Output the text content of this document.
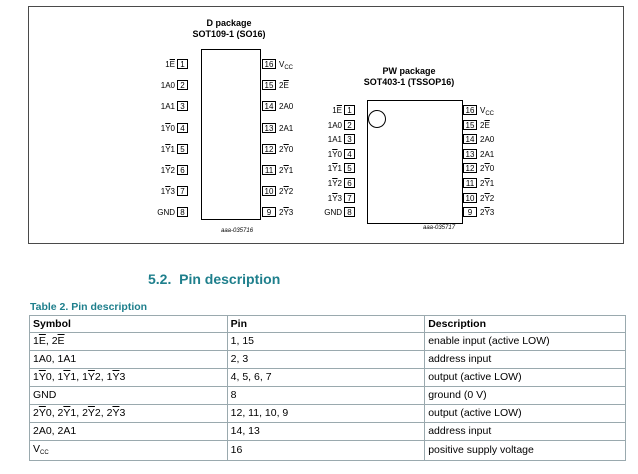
D package
SOT109-1 (SO16)
$1\overline{E}$ 1
1A0 2
1A1 3
$1\overline{Y}0$ 4
$1\overline{Y}1$ 5
$1\overline{Y}2$ 6
$1\overline{Y}3$ 7
GND 8
16 $V_{CC}$
15 $2\overline{E}$
14 2A0
13 2A1
12 $2\overline{Y}0$
11 $2\overline{Y}1$
10 $2\overline{Y}2$
9 $2\overline{Y}3$
aaa-035716
PW package
SOT403-1 (TSSOP16)
$1\overline{E}$ 1
1A0 2
1A1 3
$1\overline{Y}0$ 4
$1\overline{Y}1$ 5
$1\overline{Y}2$ 6
$1\overline{Y}3$ 7
GND 8
16 $V_{CC}$
15 $2\overline{E}$
14 2A0
13 2A1
12 $2\overline{Y}0$
11 $2\overline{Y}1$
10 $2\overline{Y}2$
9 $2\overline{Y}3$
aaa-035717
5.2. Pin description
Table 2. Pin description
Symbol	Pin	Description
$1\overline{E}$, $2\overline{E}$	1, 15	enable input (active LOW)
1A0, 1A1	2, 3	address input
$1\overline{Y}0$, $1\overline{Y}1$, $1\overline{Y}2$, $1\overline{Y}3$	4, 5, 6, 7	output (active LOW)
GND	8	ground (0 V)
$2\overline{Y}0$, $2\overline{Y}1$, $2\overline{Y}2$, $2\overline{Y}3$	12, 11, 10, 9	output (active LOW)
2A0, 2A1	14, 13	address input
$V_{CC}$	16	positive supply voltage
